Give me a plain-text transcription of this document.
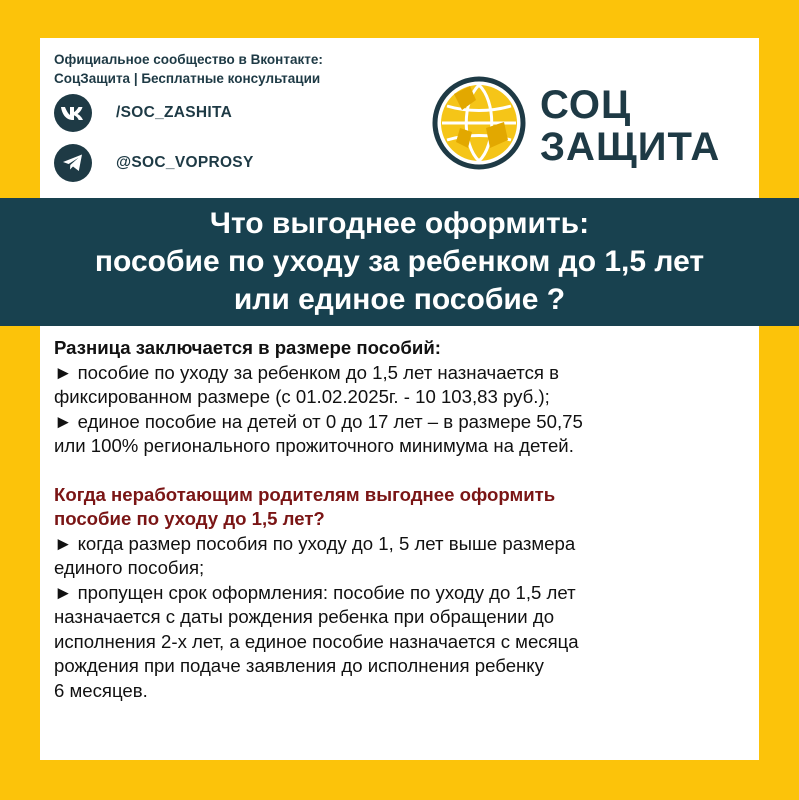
Официальное сообщество в Вконтакте:
СоцЗащита | Бесплатные консультации
/SOC_ZASHITA
@SOC_VOPROSY
СОЦ
ЗАЩИТА
Что выгоднее оформить:
пособие по уходу за ребенком до 1,5 лет
или единое пособие ?
Разница заключается в размере пособий:
► пособие по уходу за ребенком до 1,5 лет назначается в
фиксированном размере (с 01.02.2025г. - 10 103,83 руб.);
► единое пособие на детей от 0 до 17 лет – в размере 50,75
или 100% регионального прожиточного минимума на детей.
Когда неработающим родителям выгоднее оформить
пособие по уходу до 1,5 лет?
► когда размер пособия по уходу до 1, 5 лет выше размера
единого пособия;
► пропущен срок оформления: пособие по уходу до 1,5 лет
назначается с даты рождения ребенка при обращении до
исполнения 2-х лет, а единое пособие назначается с месяца
рождения при подаче заявления до исполнения ребенку
6 месяцев.
